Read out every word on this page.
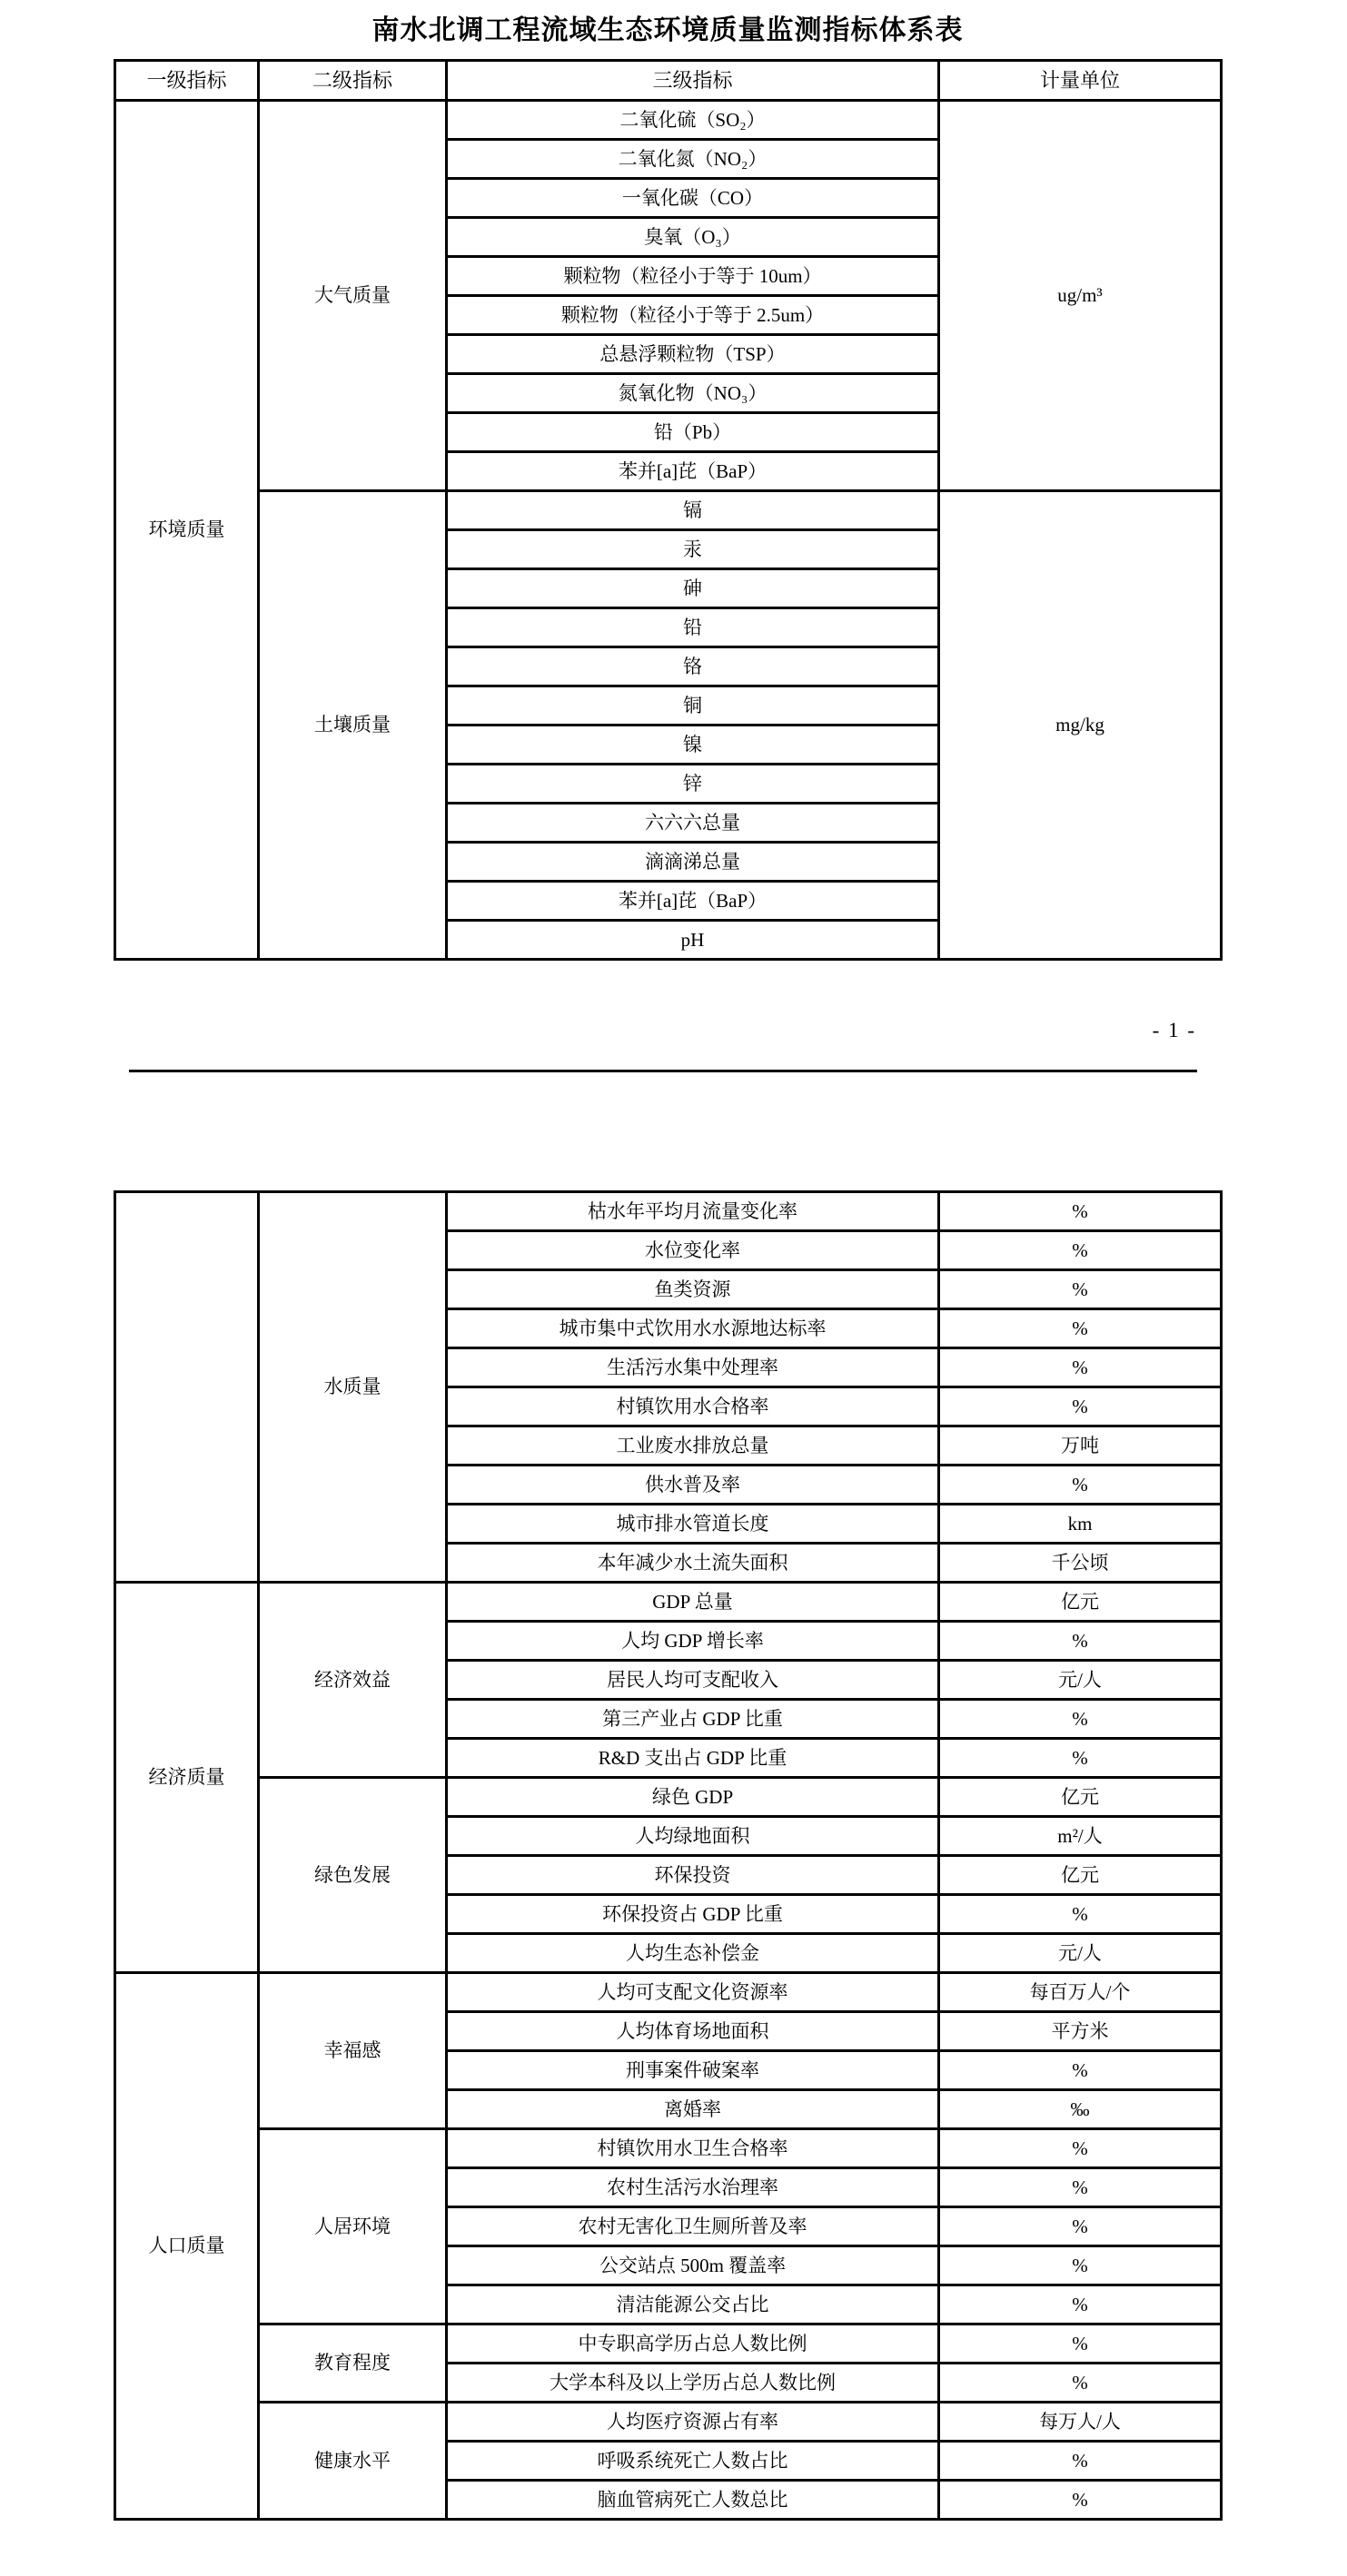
南水北调工程流域生态环境质量监测指标体系表
一级指标	二级指标	三级指标	计量单位
环境质量	大气质量	二氧化硫（SO₂）	ug/m³
		二氧化氮（NO₂）	
		一氧化碳（CO）	
		臭氧（O₃）	
		颗粒物（粒径小于等于 10um）	
		颗粒物（粒径小于等于 2.5um）	
		总悬浮颗粒物（TSP）	
		氮氧化物（NO₃）	
		铅（Pb）	
		苯并[a]芘（BaP）	
	土壤质量	镉	mg/kg
		汞	
		砷	
		铅	
		铬	
		铜	
		镍	
		锌	
		六六六总量	
		滴滴涕总量	
		苯并[a]芘（BaP）	
		pH	
- 1 -
	水质量	枯水年平均月流量变化率	%
		水位变化率	%
		鱼类资源	%
		城市集中式饮用水水源地达标率	%
		生活污水集中处理率	%
		村镇饮用水合格率	%
		工业废水排放总量	万吨
		供水普及率	%
		城市排水管道长度	km
		本年减少水土流失面积	千公顷
经济质量	经济效益	GDP 总量	亿元
		人均 GDP 增长率	%
		居民人均可支配收入	元/人
		第三产业占 GDP 比重	%
		R&D 支出占 GDP 比重	%
	绿色发展	绿色 GDP	亿元
		人均绿地面积	m²/人
		环保投资	亿元
		环保投资占 GDP 比重	%
		人均生态补偿金	元/人
人口质量	幸福感	人均可支配文化资源率	每百万人/个
		人均体育场地面积	平方米
		刑事案件破案率	%
		离婚率	‰
	人居环境	村镇饮用水卫生合格率	%
		农村生活污水治理率	%
		农村无害化卫生厕所普及率	%
		公交站点 500m 覆盖率	%
		清洁能源公交占比	%
	教育程度	中专职高学历占总人数比例	%
		大学本科及以上学历占总人数比例	%
	健康水平	人均医疗资源占有率	每万人/人
		呼吸系统死亡人数占比	%
		脑血管病死亡人数总比	%
